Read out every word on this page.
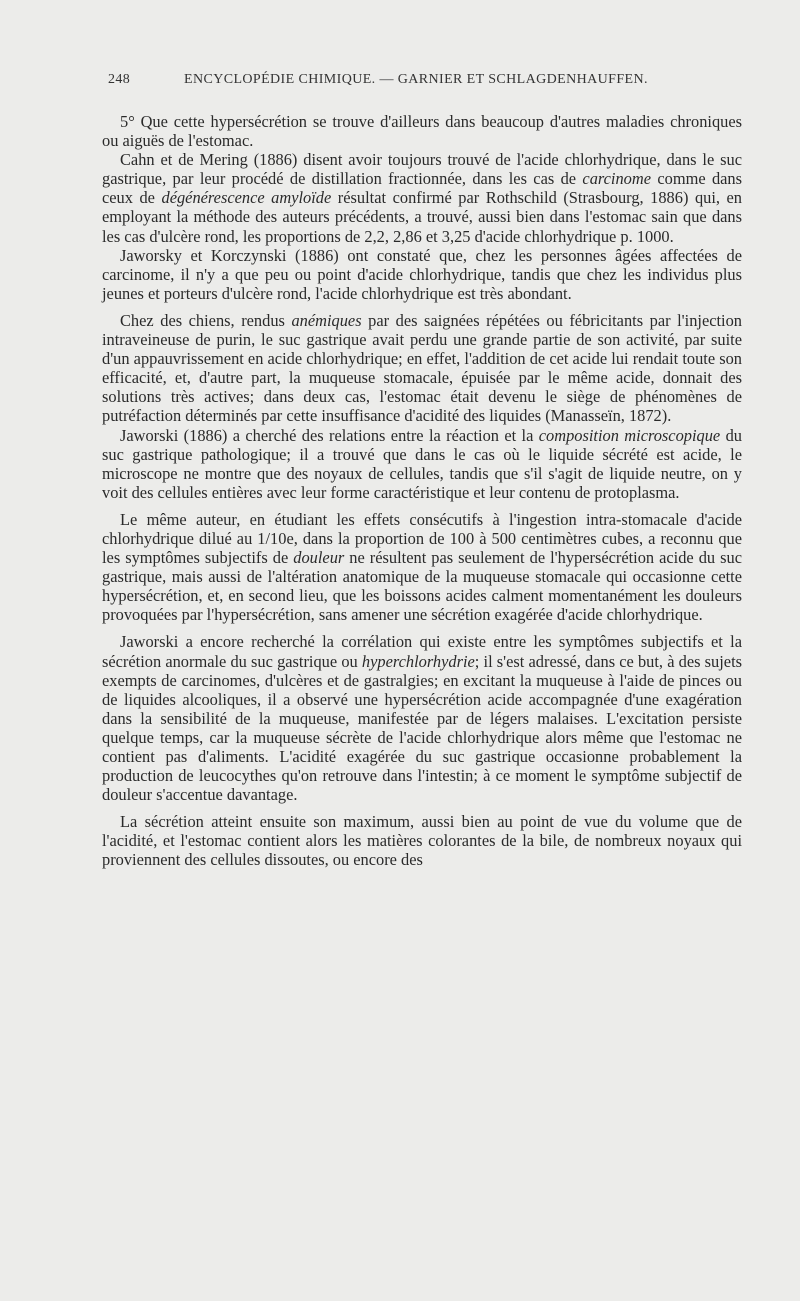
248	ENCYCLOPÉDIE CHIMIQUE. — GARNIER ET SCHLAGDENHAUFFEN.

5° Que cette hypersécrétion se trouve d'ailleurs dans beaucoup d'autres maladies chroniques ou aiguës de l'estomac.

Cahn et de Mering (1886) disent avoir toujours trouvé de l'acide chlorhydrique, dans le suc gastrique, par leur procédé de distillation fractionnée, dans les cas de carcinome comme dans ceux de dégénérescence amyloïde résultat confirmé par Rothschild (Strasbourg, 1886) qui, en employant la méthode des auteurs précédents, a trouvé, aussi bien dans l'estomac sain que dans les cas d'ulcère rond, les proportions de 2,2, 2,86 et 3,25 d'acide chlorhydrique p. 1000.

Jaworsky et Korczynski (1886) ont constaté que, chez les personnes âgées affectées de carcinome, il n'y a que peu ou point d'acide chlorhydrique, tandis que chez les individus plus jeunes et porteurs d'ulcère rond, l'acide chlorhydrique est très abondant.

Chez des chiens, rendus anémiques par des saignées répétées ou fébricitants par l'injection intraveineuse de purin, le suc gastrique avait perdu une grande partie de son activité, par suite d'un appauvrissement en acide chlorhydrique; en effet, l'addition de cet acide lui rendait toute son efficacité, et, d'autre part, la muqueuse stomacale, épuisée par le même acide, donnait des solutions très actives; dans deux cas, l'estomac était devenu le siège de phénomènes de putréfaction déterminés par cette insuffisance d'acidité des liquides (Manasseïn, 1872).

Jaworski (1886) a cherché des relations entre la réaction et la composition microscopique du suc gastrique pathologique; il a trouvé que dans le cas où le liquide sécrété est acide, le microscope ne montre que des noyaux de cellules, tandis que s'il s'agit de liquide neutre, on y voit des cellules entières avec leur forme caractéristique et leur contenu de protoplasma.

Le même auteur, en étudiant les effets consécutifs à l'ingestion intra-stomacale d'acide chlorhydrique dilué au 1/10e, dans la proportion de 100 à 500 centimètres cubes, a reconnu que les symptômes subjectifs de douleur ne résultent pas seulement de l'hypersécrétion acide du suc gastrique, mais aussi de l'altération anatomique de la muqueuse stomacale qui occasionne cette hypersécrétion, et, en second lieu, que les boissons acides calment momentanément les douleurs provoquées par l'hypersécrétion, sans amener une sécrétion exagérée d'acide chlorhydrique.

Jaworski a encore recherché la corrélation qui existe entre les symptômes subjectifs et la sécrétion anormale du suc gastrique ou hyperchlorhydrie; il s'est adressé, dans ce but, à des sujets exempts de carcinomes, d'ulcères et de gastralgies; en excitant la muqueuse à l'aide de pinces ou de liquides alcooliques, il a observé une hypersécrétion acide accompagnée d'une exagération dans la sensibilité de la muqueuse, manifestée par de légers malaises. L'excitation persiste quelque temps, car la muqueuse sécrète de l'acide chlorhydrique alors même que l'estomac ne contient pas d'aliments. L'acidité exagérée du suc gastrique occasionne probablement la production de leucocythes qu'on retrouve dans l'intestin; à ce moment le symptôme subjectif de douleur s'accentue davantage.

La sécrétion atteint ensuite son maximum, aussi bien au point de vue du volume que de l'acidité, et l'estomac contient alors les matières colorantes de la bile, de nombreux noyaux qui proviennent des cellules dissoutes, ou encore des
